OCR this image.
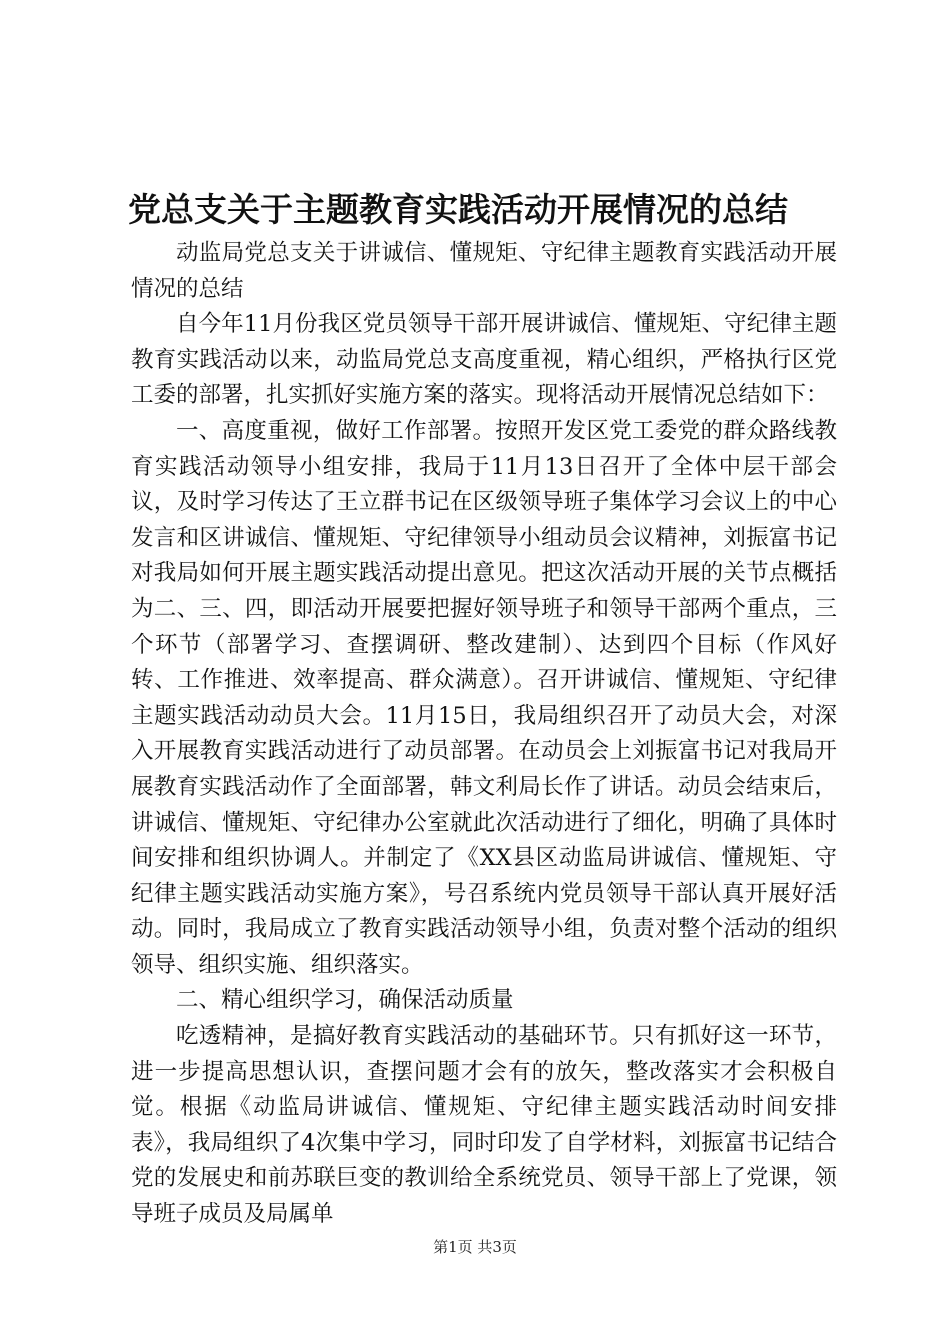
党总支关于主题教育实践活动开展情况的总结

动监局党总支关于讲诚信、懂规矩、守纪律主题教育实践活动开展情况的总结

自今年11月份我区党员领导干部开展讲诚信、懂规矩、守纪律主题教育实践活动以来，动监局党总支高度重视，精心组织，严格执行区党工委的部署，扎实抓好实施方案的落实。现将活动开展情况总结如下：

一、高度重视，做好工作部署。按照开发区党工委党的群众路线教育实践活动领导小组安排，我局于11月13日召开了全体中层干部会议，及时学习传达了王立群书记在区级领导班子集体学习会议上的中心发言和区讲诚信、懂规矩、守纪律领导小组动员会议精神，刘振富书记对我局如何开展主题实践活动提出意见。把这次活动开展的关节点概括为二、三、四，即活动开展要把握好领导班子和领导干部两个重点，三个环节（部署学习、查摆调研、整改建制）、达到四个目标（作风好转、工作推进、效率提高、群众满意）。召开讲诚信、懂规矩、守纪律主题实践活动动员大会。11月15日，我局组织召开了动员大会，对深入开展教育实践活动进行了动员部署。在动员会上刘振富书记对我局开展教育实践活动作了全面部署，韩文利局长作了讲话。动员会结束后，讲诚信、懂规矩、守纪律办公室就此次活动进行了细化，明确了具体时间安排和组织协调人。并制定了《XX县区动监局讲诚信、懂规矩、守纪律主题实践活动实施方案》，号召系统内党员领导干部认真开展好活动。同时，我局成立了教育实践活动领导小组，负责对整个活动的组织领导、组织实施、组织落实。

二、精心组织学习，确保活动质量

吃透精神，是搞好教育实践活动的基础环节。只有抓好这一环节，进一步提高思想认识，查摆问题才会有的放矢，整改落实才会积极自觉。根据《动监局讲诚信、懂规矩、守纪律主题实践活动时间安排表》，我局组织了4次集中学习，同时印发了自学材料，刘振富书记结合党的发展史和前苏联巨变的教训给全系统党员、领导干部上了党课，领导班子成员及局属单

第1页 共3页
